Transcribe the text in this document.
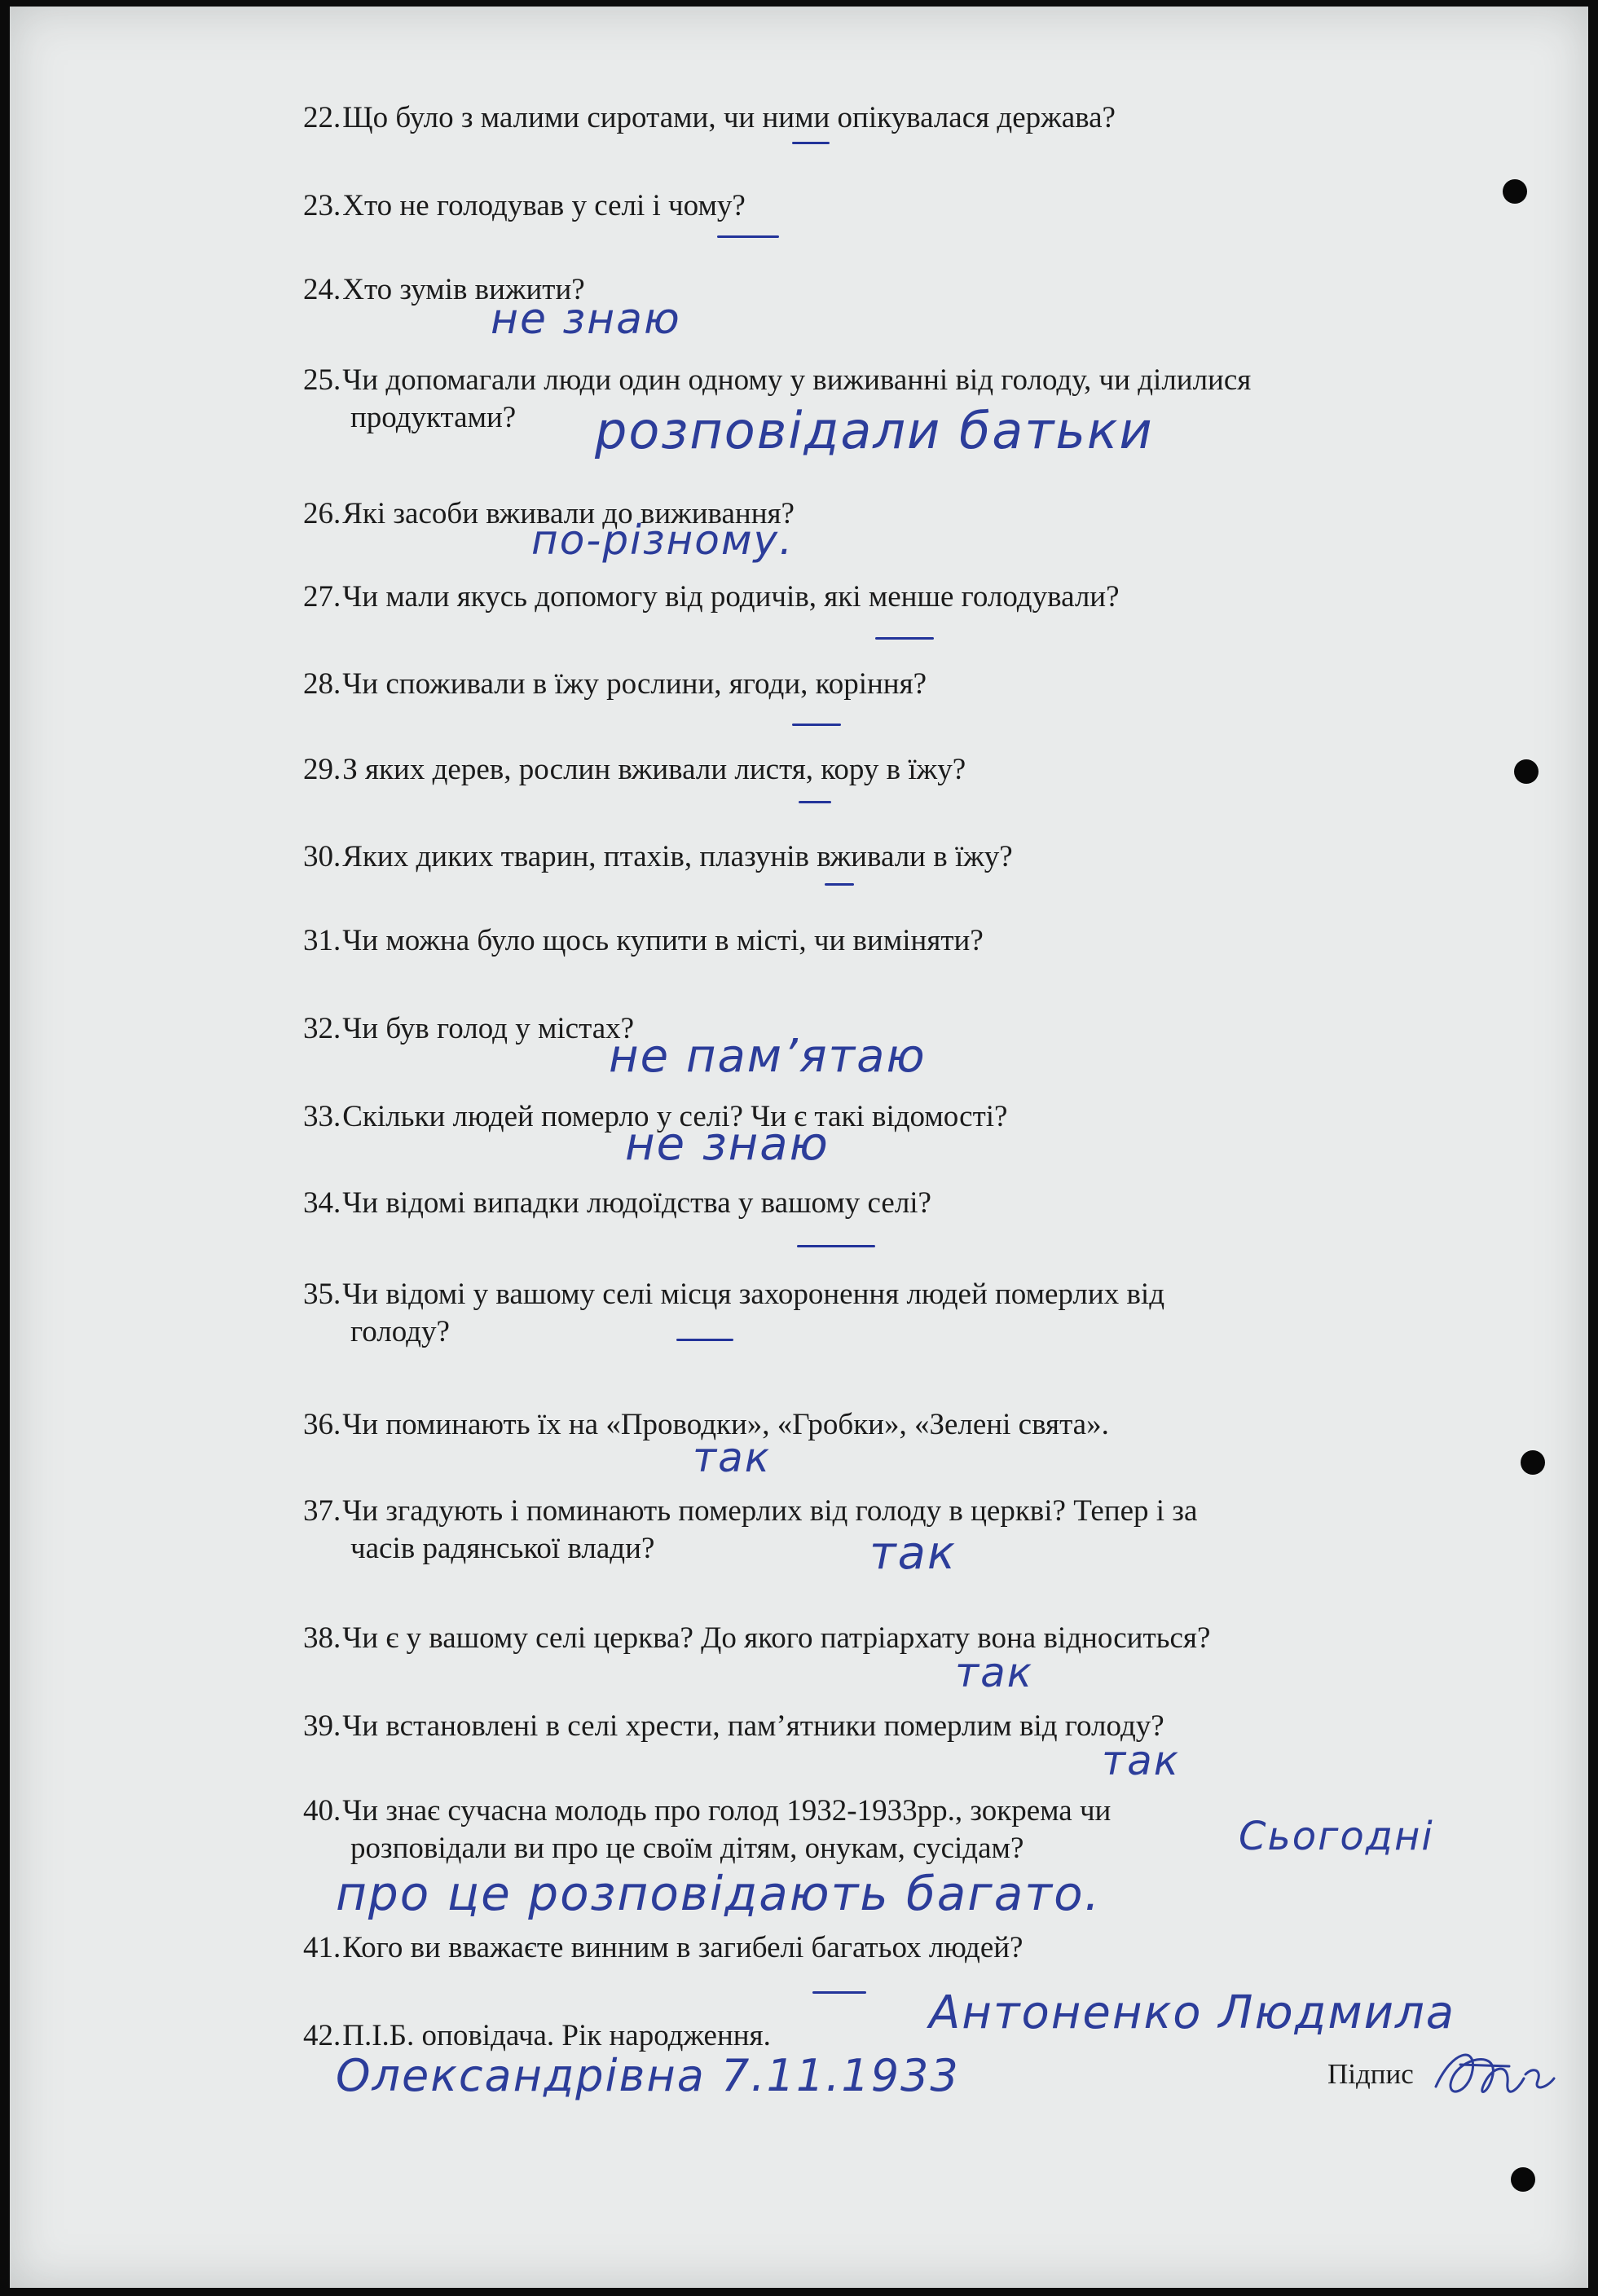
22.Що було з малими сиротами, чи ними опікувалася держава?
23.Хто не голодував у селі і чому?
24.Хто зумів вижити?
25.Чи допомагали люди один одному у виживанні від голоду, чи ділилися
продуктами?
26.Які засоби вживали до виживання?
27.Чи мали якусь допомогу від родичів, які менше голодували?
28.Чи споживали в їжу рослини, ягоди, коріння?
29.З яких дерев, рослин вживали листя, кору в їжу?
30.Яких диких тварин, птахів, плазунів вживали в їжу?
31.Чи можна було щось купити в місті, чи виміняти?
32.Чи був голод у містах?
33.Скільки людей померло у селі? Чи є такі відомості?
34.Чи відомі випадки людоїдства у вашому селі?
35.Чи відомі у вашому селі місця захоронення людей померлих від
голоду?
36.Чи поминають їх на «Проводки», «Гробки», «Зелені свята».
37.Чи згадують і поминають померлих від голоду в церкві? Тепер і за
часів радянської влади?
38.Чи є у вашому селі церква? До якого патріархату вона відноситься?
39.Чи встановлені в селі хрести, пам’ятники померлим від голоду?
40.Чи знає сучасна молодь про голод 1932-1933рр., зокрема чи
розповідали ви про це своїм дітям, онукам, сусідам?
41.Кого ви вважаєте винним в загибелі багатьох людей?
42.П.І.Б. оповідача. Рік народження.
не знаю
розповідали батьки
по-різному.
не пам’ятаю
не знаю
так
так
так
так
Сьогодні
про це розповідають багато.
Антоненко Людмила
Олександрівна 7.11.1933	Підпис
